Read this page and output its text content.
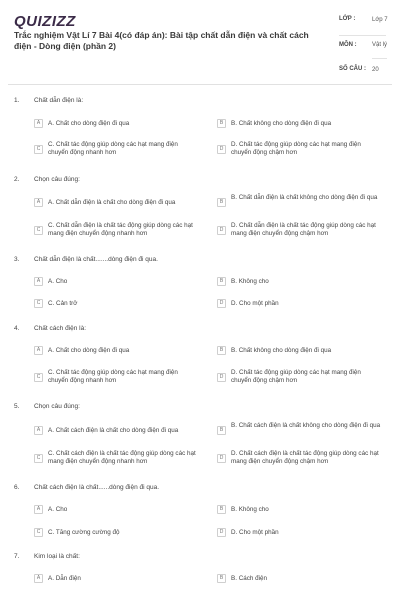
QUIZIZZ
Trắc nghiệm Vật Lí 7 Bài 4(có đáp án): Bài tập chất dẫn điện và chất cách điện - Dòng điện (phần 2)
LỚP :	Lớp 7
MÔN :	Vật lý
SỐ CÂU : 20
1. Chất dẫn điện là:
A	A. Chất cho dòng điện đi qua	B	B. Chất không cho dòng điện đi qua
C
C. Chất tác động giúp dòng các hạt mang điện chuyển động nhanh hơn	D
D. Chất tác động giúp dòng các hạt mang điện chuyển động chậm hơn
2. Chọn câu đúng:
A	A. Chất dẫn điện là chất cho dòng điện đi qua	B
B. Chất dẫn điện là chất không cho dòng điện đi qua
C
C. Chất dẫn điện là chất tác động giúp dòng các hạt mang điện chuyển động nhanh hơn	D
D. Chất dẫn điện là chất tác động giúp dòng các hạt mang điện chuyển động chậm hơn
3. Chất dẫn điện là chất.......dòng điện đi qua.
A	A. Cho	B	B. Không cho
C	C. Cản trở	D	D. Cho một phần
4. Chất cách điện là:
A	A. Chất cho dòng điện đi qua	B	B. Chất không cho dòng điện đi qua
C
C. Chất tác động giúp dòng các hạt mang điện chuyển động nhanh hơn	D
D. Chất tác động giúp dòng các hạt mang điện chuyển động chậm hơn
5. Chọn câu đúng:
A	A. Chất cách điện là chất cho dòng điện đi qua	B
B. Chất cách điện là chất không cho dòng điện đi qua
C
C. Chất cách điện là chất tác động giúp dòng các hạt mang điện chuyển động nhanh hơn	D
D. Chất cách điện là chất tác động giúp dòng các hạt mang điện chuyển động chậm hơn
6. Chất cách điện là chất......dòng điện đi qua.
A	A. Cho	B	B. Không cho
C	C. Tăng cường cường độ	D	D. Cho một phần
7. Kim loại là chất:
A	A. Dẫn điện	B	B. Cách điện
